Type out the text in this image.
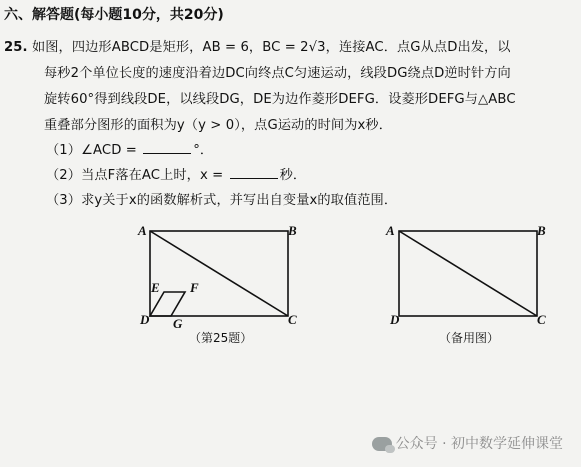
六、解答题(每小题10分，共20分)
25. 如图，四边形ABCD是矩形，AB = 6，BC = 2√3，连接AC．点G从点D出发，以
每秒2个单位长度的速度沿着边DC向终点C匀速运动，线段DG绕点D逆时针方向
旋转60°得到线段DE，以线段DG，DE为边作菱形DEFG．设菱形DEFG与△ABC
重叠部分图形的面积为y（y > 0），点G运动的时间为x秒．
（1）∠ACD =	°．
（2）当点F落在AC上时，x =	秒．
（3）求y关于x的函数解析式，并写出自变量x的取值范围．
A	B
C
D
E F
G
（第25题）
A	B
C
D
（备用图）
公众号 · 初中数学延伸课堂
